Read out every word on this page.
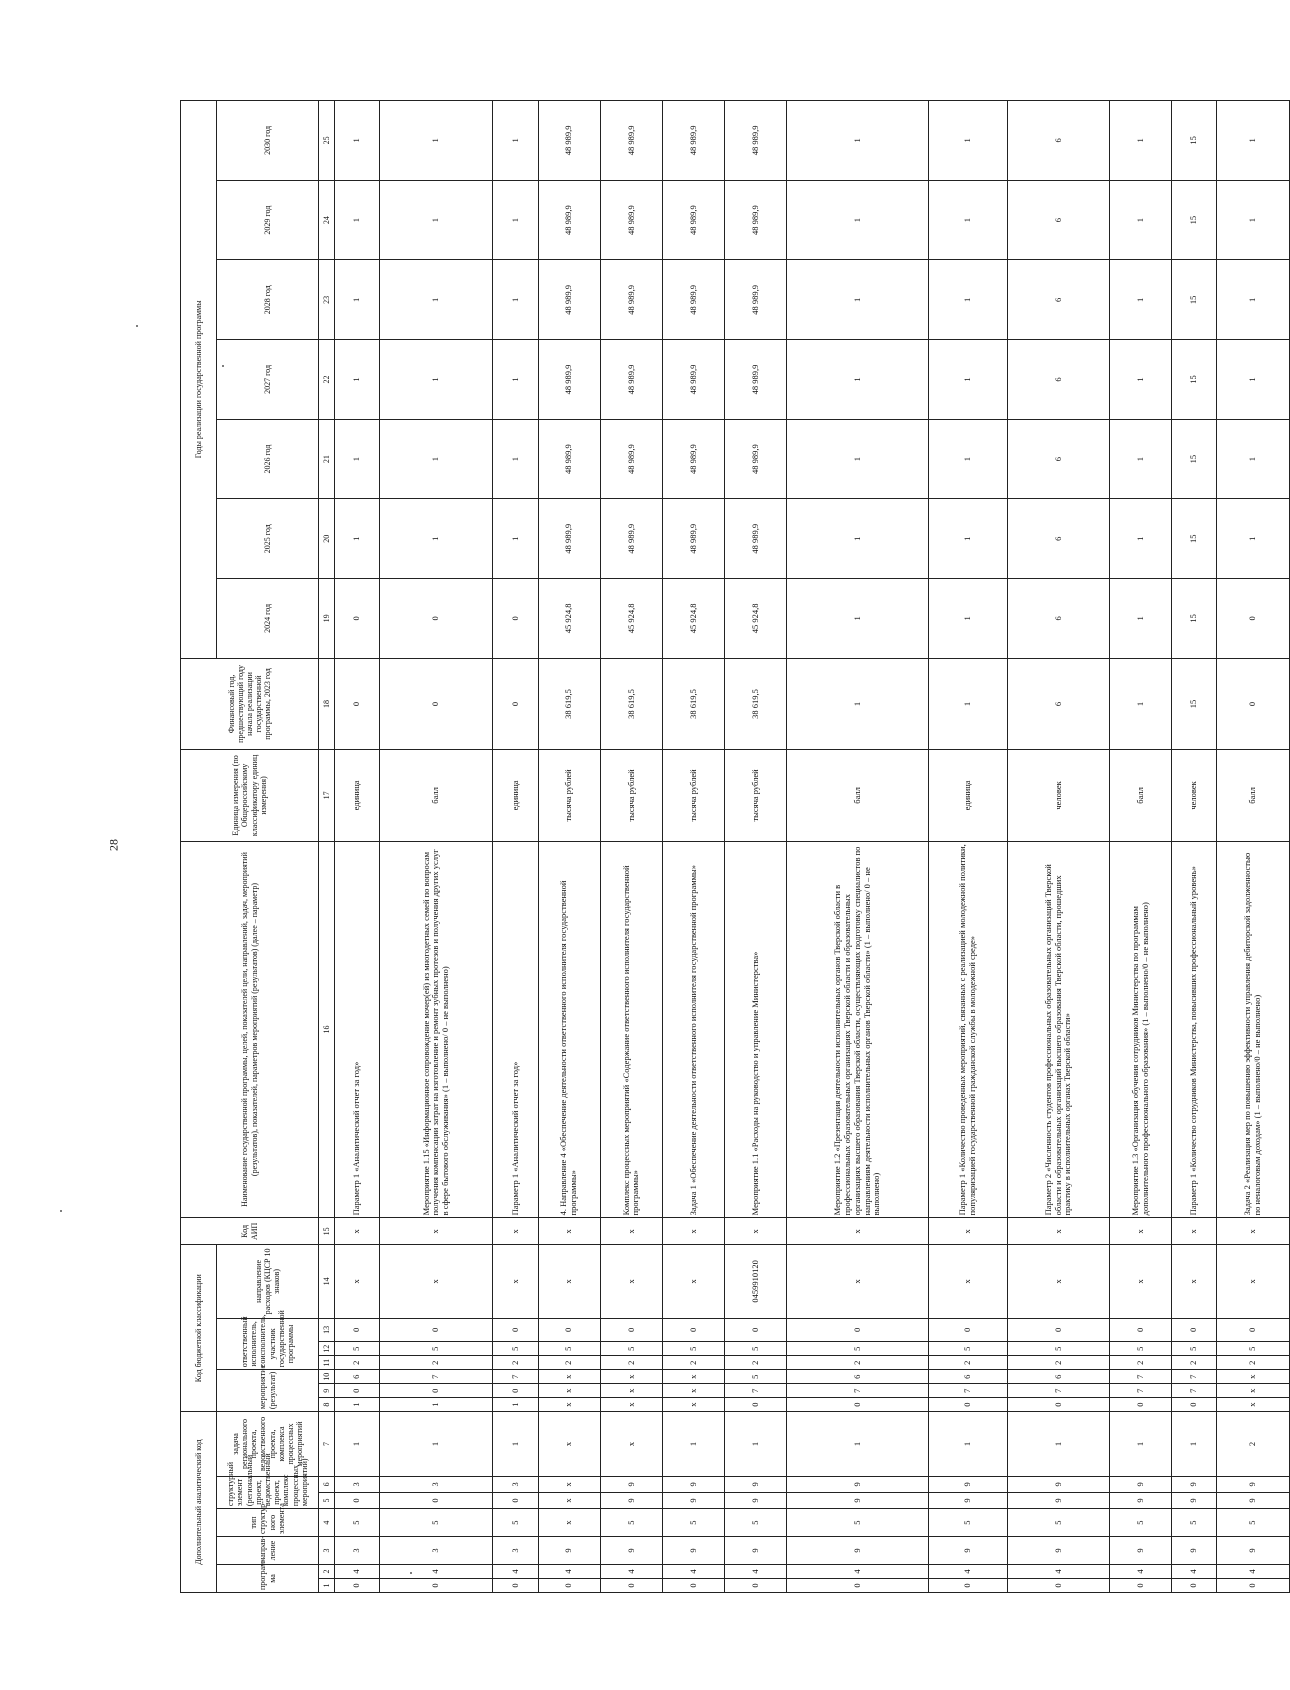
28
Дополнительный аналитический код							Код бюджетной классификации							Код АИП	Наименование государственной программы, целей, показателей цели, направлений, задач, мероприятий (результатов), показателей, параметров мероприятий (результатов) (далее – параметр)	Единица измерения (по Общероссийскому классификатору единиц измерения)	Финансовый год, предшествующий году начала реализации государственной программы, 2023 год	Годы реализации государственной программы						
програм-ма		направ-ление	тип структур-ного элемента	структурный элемент (региональный проект, ведомственный проект, комплекс процессных мероприятий)		задача регионального проекта, ведомственного проекта, комплекса процессных мероприятий	мероприятие (результат)			ответственный исполнитель, соисполнитель, участник государственной программы			направление расходов (КЦСР 10 знаков)					2024 год	2025 год	2026 год	2027 год	2028 год	2029 год	2030 год
1	2	3	4	5	6	7	8	9	10	11	12	13	14	15	16	17	18	19	20	21	22	23	24	25
0	4	3	5	0	3	1	1	0	6	2	5	0	x	x	Параметр 1 «Аналитический отчет за год»	единица	0	0	1	1	1	1	1	1
0	4	3	5	0	3	1	1	0	7	2	5	0	x	x	Мероприятие 1.15 «Информационное сопровождение мочер(ей) из многодетных семей по вопросам получения компенсации затрат на изготовление и ремонт зубных протезов и получения других услуг в сфере бытового обслуживания» (1 – выполнено/ 0 – не выполнено)	балл	0	0	1	1	1	1	1	1
0	4	3	5	0	3	1	1	0	7	2	5	0	x	x	Параметр 1 «Аналитический отчет за год»	единица	0	0	1	1	1	1	1	1
0	4	9	x	x	x	x	x	x	x	2	5	0	x	x	4. Направление 4 «Обеспечение деятельности ответственного исполнителя государственной программы»	тысяча рублей	38 619,5	45 924,8	48 989,9	48 989,9	48 989,9	48 989,9	48 989,9	48 989,9
0	4	9	5	9	9	x	x	x	x	2	5	0	x	x	Комплекс процессных мероприятий «Содержание ответственного исполнителя государственной программы»	тысяча рублей	38 619,5	45 924,8	48 989,9	48 989,9	48 989,9	48 989,9	48 989,9	48 989,9
0	4	9	5	9	9	1	x	x	x	2	5	0	x	x	Задача 1 «Обеспечение деятельности ответственного исполнителя государственной программы»	тысяча рублей	38 619,5	45 924,8	48 989,9	48 989,9	48 989,9	48 989,9	48 989,9	48 989,9
0	4	9	5	9	9	1	0	7	5	2	5	0	0459910120	x	Мероприятие 1.1 «Расходы на руководство и управление Министерства»	тысяча рублей	38 619,5	45 924,8	48 989,9	48 989,9	48 989,9	48 989,9	48 989,9	48 989,9
0	4	9	5	9	9	1	0	7	6	2	5	0	x	x	Мероприятие 1.2 «Презентация деятельности исполнительных органов Тверской области в профессиональных образовательных организациях Тверской области и образовательных организациях высшего образования Тверской области, осуществляющих подготовку специалистов по направлениям деятельности исполнительных органов Тверской области» (1 – выполнено/ 0 – не выполнено)	балл	1	1	1	1	1	1	1	1
0	4	9	5	9	9	1	0	7	6	2	5	0	x	x	Параметр 1 «Количество проведенных мероприятий, связанных с реализацией молодежной политики, популяризацией государственной гражданской службы в молодежной среде»	единица	1	1	1	1	1	1	1	1
0	4	9	5	9	9	1	0	7	6	2	5	0	x	x	Параметр 2 «Численность студентов профессиональных образовательных организаций Тверской области и образовательных организаций высшего образования Тверской области, прошедших практику в исполнительных органах Тверской области»	человек	6	6	6	6	6	6	6	6
0	4	9	5	9	9	1	0	7	7	2	5	0	x	x	Мероприятие 1.3 «Организация обучения сотрудников Министерства по программам дополнительного профессионального образования» (1 – выполнено/0 – не выполнено)	балл	1	1	1	1	1	1	1	1
0	4	9	5	9	9	1	0	7	7	2	5	0	x	x	Параметр 1 «Количество сотрудников Министерства, повысивших профессиональный уровень»	человек	15	15	15	15	15	15	15	15
0	4	9	5	9	9	2	x	x	x	2	5	0	x	x	Задача 2 «Реализация мер по повышению эффективности управления дебиторской задолженностью по неналоговым доходам» (1 – выполнено/0 – не выполнено)	балл	0	0	1	1	1	1	1	1
